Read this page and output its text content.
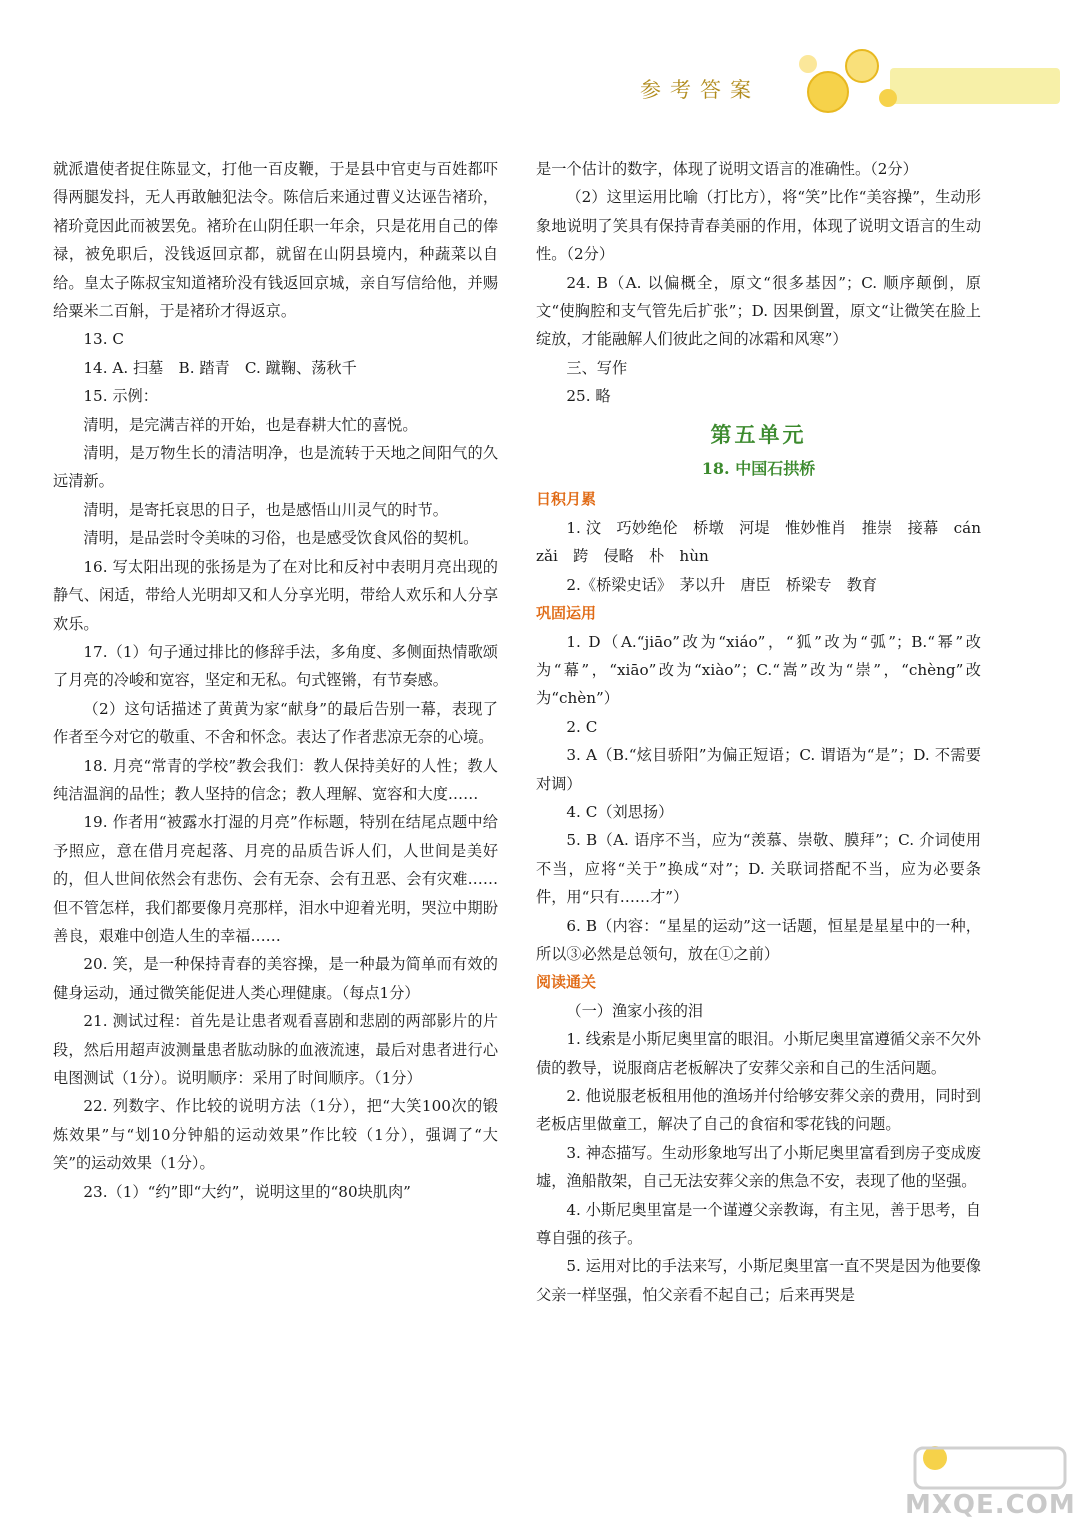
参考答案

就派遣使者捉住陈显文，打他一百皮鞭，于是县中官吏与百姓都吓得两腿发抖，无人再敢触犯法令。陈信后来通过曹义达诬告褚玠，褚玠竟因此而被罢免。褚玠在山阴任职一年余，只是花用自己的俸禄，被免职后，没钱返回京都，就留在山阴县境内，种蔬菜以自给。皇太子陈叔宝知道褚玠没有钱返回京城，亲自写信给他，并赐给粟米二百斛，于是褚玠才得返京。

13. C

14. A. 扫墓　B. 踏青　C. 蹴鞠、荡秋千

15. 示例：

清明，是完满吉祥的开始，也是春耕大忙的喜悦。

清明，是万物生长的清洁明净，也是流转于天地之间阳气的久远清新。

清明，是寄托哀思的日子，也是感悟山川灵气的时节。

清明，是品尝时令美味的习俗，也是感受饮食风俗的契机。

16. 写太阳出现的张扬是为了在对比和反衬中表明月亮出现的静气、闲适，带给人光明却又和人分享光明，带给人欢乐和人分享欢乐。

17.（1）句子通过排比的修辞手法，多角度、多侧面热情歌颂了月亮的冷峻和宽容，坚定和无私。句式铿锵，有节奏感。

（2）这句话描述了黄黄为家“献身”的最后告别一幕，表现了作者至今对它的敬重、不舍和怀念。表达了作者悲凉无奈的心境。

18. 月亮“常青的学校”教会我们：教人保持美好的人性；教人纯洁温润的品性；教人坚持的信念；教人理解、宽容和大度……

19. 作者用“被露水打湿的月亮”作标题，特别在结尾点题中给予照应，意在借月亮起落、月亮的品质告诉人们，人世间是美好的，但人世间依然会有悲伤、会有无奈、会有丑恶、会有灾难……但不管怎样，我们都要像月亮那样，泪水中迎着光明，哭泣中期盼善良，艰难中创造人生的幸福……

20. 笑，是一种保持青春的美容操，是一种最为简单而有效的健身运动，通过微笑能促进人类心理健康。（每点1分）

21. 测试过程：首先是让患者观看喜剧和悲剧的两部影片的片段，然后用超声波测量患者肱动脉的血液流速，最后对患者进行心电图测试（1分）。说明顺序：采用了时间顺序。（1分）

22. 列数字、作比较的说明方法（1分），把“大笑100次的锻炼效果”与“划10分钟船的运动效果”作比较（1分），强调了“大笑”的运动效果（1分）。

23.（1）“约”即“大约”，说明这里的“80块肌肉”

是一个估计的数字，体现了说明文语言的准确性。（2分）

（2）这里运用比喻（打比方），将“笑”比作“美容操”，生动形象地说明了笑具有保持青春美丽的作用，体现了说明文语言的生动性。（2分）

24. B（A. 以偏概全，原文“很多基因”；C. 顺序颠倒，原文“使胸腔和支气管先后扩张”；D. 因果倒置，原文“让微笑在脸上绽放，才能融解人们彼此之间的冰霜和风寒”）

三、写作

25. 略

第五单元

18. 中国石拱桥

日积月累

1. 汶　巧妙绝伦　桥墩　河堤　惟妙惟肖　推崇　接幕　cán　zǎi　跨　侵略　朴　hùn

2.《桥梁史话》　茅以升　唐臣　桥梁专　教育

巩固运用

1. D（A.“jiāo”改为“xiáo”，“狐”改为“弧”；B.“幂”改为“幕”，“xiāo”改为“xiào”；C.“嵩”改为“崇”，“chèng”改为“chèn”）

2. C

3. A（B.“炫目骄阳”为偏正短语；C. 谓语为“是”；D. 不需要对调）

4. C（刘思扬）

5. B（A. 语序不当，应为“羡慕、崇敬、膜拜”；C. 介词使用不当，应将“关于”换成“对”；D. 关联词搭配不当，应为必要条件，用“只有……才”）

6. B（内容：“星星的运动”这一话题，恒星是星星中的一种，所以③必然是总领句，放在①之前）

阅读通关

（一）渔家小孩的泪

1. 线索是小斯尼奥里富的眼泪。小斯尼奥里富遵循父亲不欠外债的教导，说服商店老板解决了安葬父亲和自己的生活问题。

2. 他说服老板租用他的渔场并付给够安葬父亲的费用，同时到老板店里做童工，解决了自己的食宿和零花钱的问题。

3. 神态描写。生动形象地写出了小斯尼奥里富看到房子变成废墟，渔船散架，自己无法安葬父亲的焦急不安，表现了他的坚强。

4. 小斯尼奥里富是一个谨遵父亲教诲，有主见，善于思考，自尊自强的孩子。

5. 运用对比的手法来写，小斯尼奥里富一直不哭是因为他要像父亲一样坚强，怕父亲看不起自己；后来再哭是

MXQE.COM
